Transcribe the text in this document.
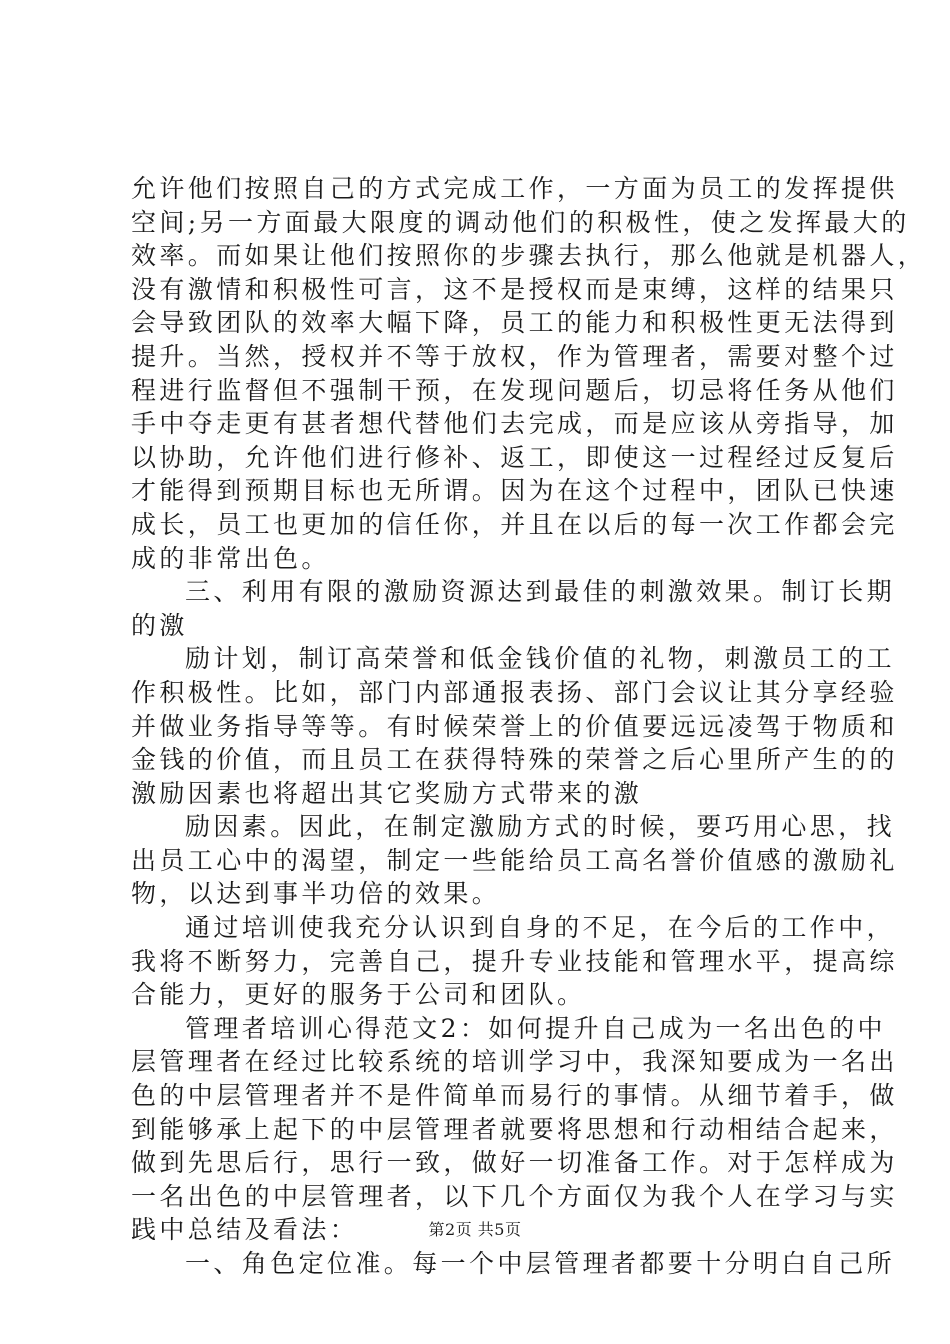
允许他们按照自己的方式完成工作，一方面为员工的发挥提供
空间;另一方面最大限度的调动他们的积极性，使之发挥最大的
效率。而如果让他们按照你的步骤去执行，那么他就是机器人，
没有激情和积极性可言，这不是授权而是束缚，这样的结果只
会导致团队的效率大幅下降，员工的能力和积极性更无法得到
提升。当然，授权并不等于放权，作为管理者，需要对整个过
程进行监督但不强制干预，在发现问题后，切忌将任务从他们
手中夺走更有甚者想代替他们去完成，而是应该从旁指导，加
以协助，允许他们进行修补、返工，即使这一过程经过反复后
才能得到预期目标也无所谓。因为在这个过程中，团队已快速
成长，员工也更加的信任你，并且在以后的每一次工作都会完
成的非常出色。
三、利用有限的激励资源达到最佳的刺激效果。制订长期
的激
励计划，制订高荣誉和低金钱价值的礼物，刺激员工的工
作积极性。比如，部门内部通报表扬、部门会议让其分享经验
并做业务指导等等。有时候荣誉上的价值要远远凌驾于物质和
金钱的价值，而且员工在获得特殊的荣誉之后心里所产生的的
激励因素也将超出其它奖励方式带来的激
励因素。因此，在制定激励方式的时候，要巧用心思，找
出员工心中的渴望，制定一些能给员工高名誉价值感的激励礼
物，以达到事半功倍的效果。
通过培训使我充分认识到自身的不足，在今后的工作中，
我将不断努力，完善自己，提升专业技能和管理水平，提高综
合能力，更好的服务于公司和团队。
管理者培训心得范文2：如何提升自己成为一名出色的中
层管理者在经过比较系统的培训学习中，我深知要成为一名出
色的中层管理者并不是件简单而易行的事情。从细节着手，做
到能够承上起下的中层管理者就要将思想和行动相结合起来，
做到先思后行，思行一致，做好一切准备工作。对于怎样成为
一名出色的中层管理者，以下几个方面仅为我个人在学习与实
践中总结及看法：
一、角色定位准。每一个中层管理者都要十分明白自己所
第2页 共5页
